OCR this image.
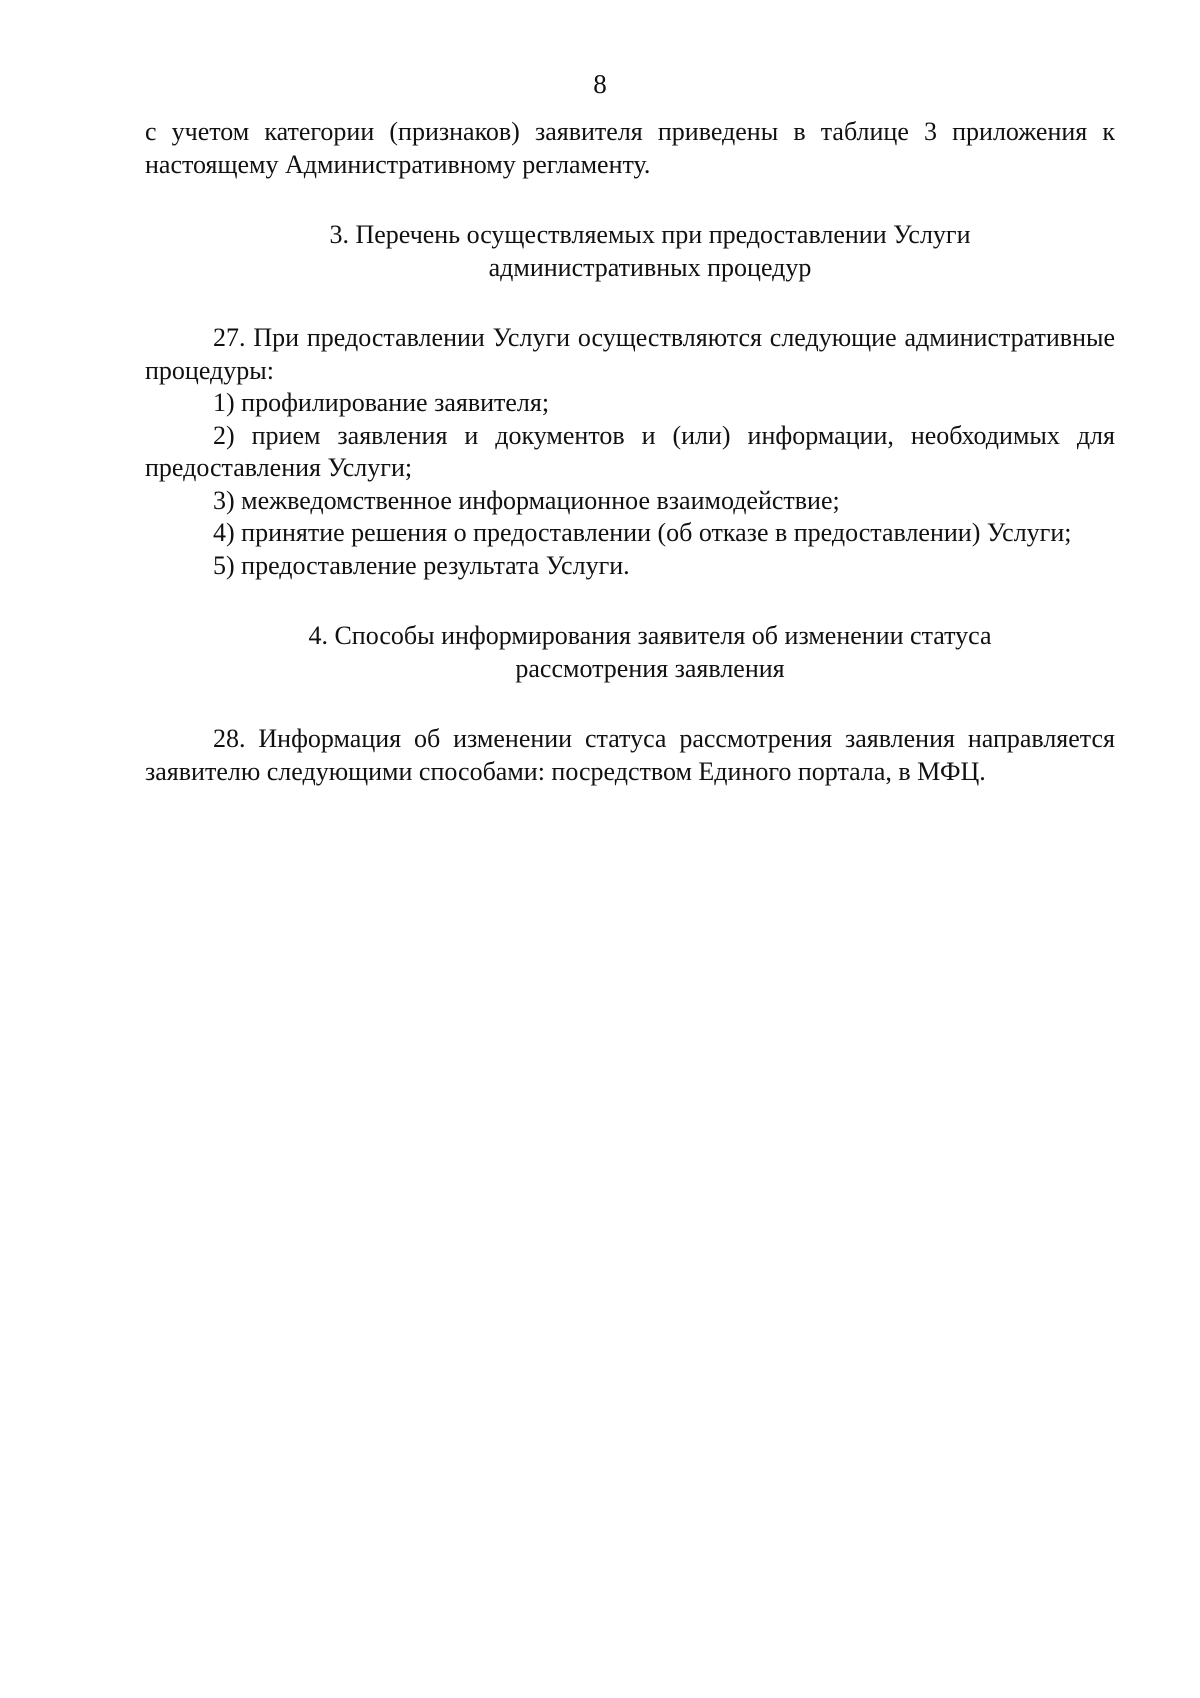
8

с учетом категории (признаков) заявителя приведены в таблице 3 приложения к настоящему Административному регламенту.

3. Перечень осуществляемых при предоставлении Услуги
административных процедур

27. При предоставлении Услуги осуществляются следующие административные процедуры:

1) профилирование заявителя;

2) прием заявления и документов и (или) информации, необходимых для предоставления Услуги;

3) межведомственное информационное взаимодействие;

4) принятие решения о предоставлении (об отказе в предоставлении) Услуги;

5) предоставление результата Услуги.

4. Способы информирования заявителя об изменении статуса
рассмотрения заявления

28. Информация об изменении статуса рассмотрения заявления направляется заявителю следующими способами: посредством Единого портала, в МФЦ.
